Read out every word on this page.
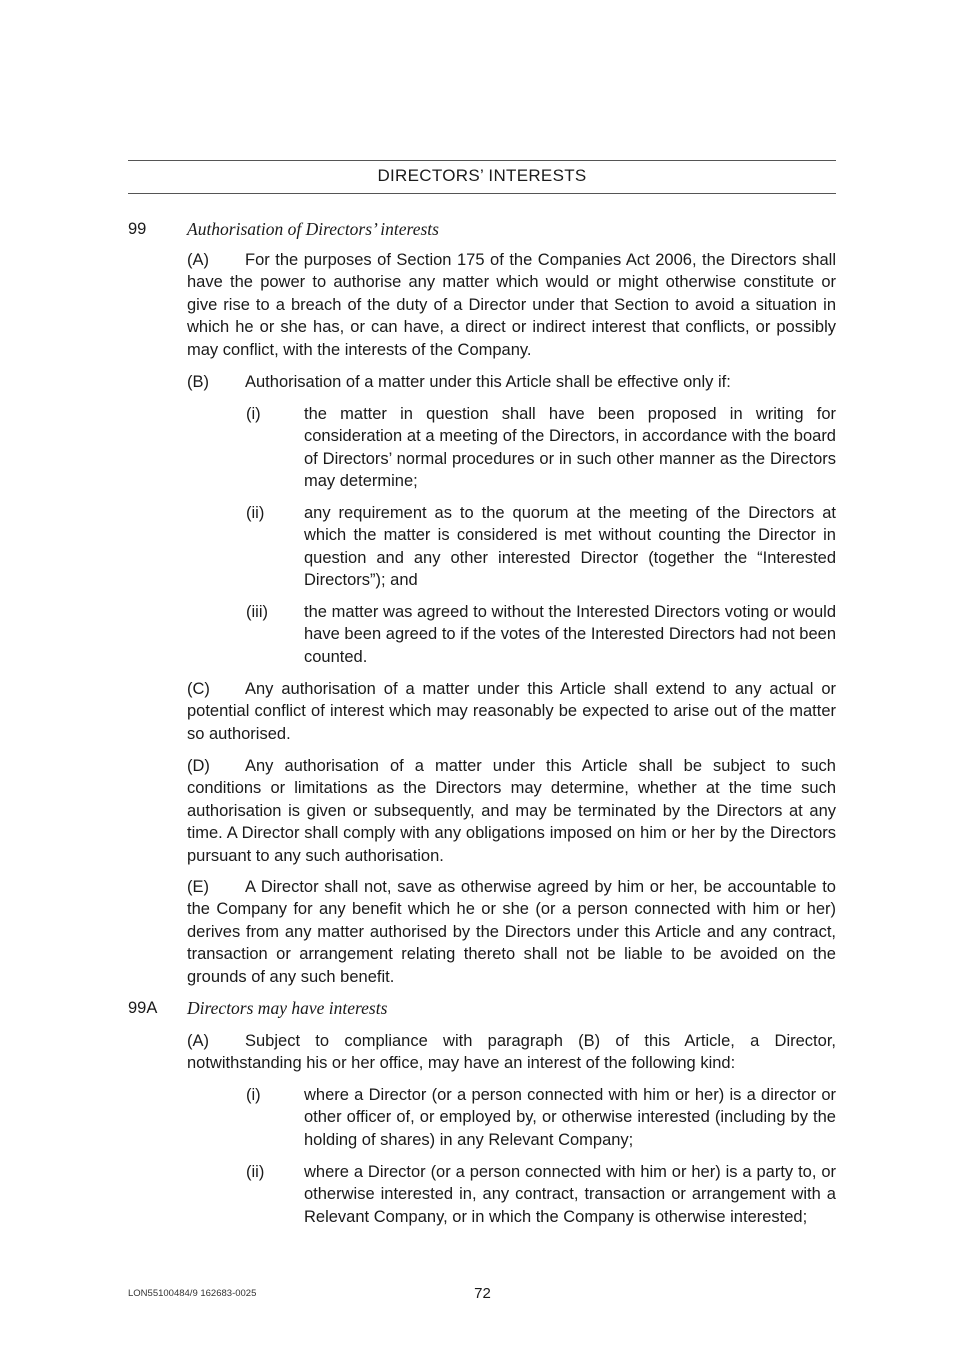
DIRECTORS’ INTERESTS
99 Authorisation of Directors’ interests

(A) For the purposes of Section 175 of the Companies Act 2006, the Directors shall have the power to authorise any matter which would or might otherwise constitute or give rise to a breach of the duty of a Director under that Section to avoid a situation in which he or she has, or can have, a direct or indirect interest that conflicts, or possibly may conflict, with the interests of the Company.

(B) Authorisation of a matter under this Article shall be effective only if:

(i)	the matter in question shall have been proposed in writing for consideration at a meeting of the Directors, in accordance with the board of Directors’ normal procedures or in such other manner as the Directors may determine;

(ii) any requirement as to the quorum at the meeting of the Directors at which the matter is considered is met without counting the Director in question and any other interested Director (together the “Interested Directors”); and

(iii) the matter was agreed to without the Interested Directors voting or would have been agreed to if the votes of the Interested Directors had not been counted.

(C) Any authorisation of a matter under this Article shall extend to any actual or potential conflict of interest which may reasonably be expected to arise out of the matter so authorised.

(D) Any authorisation of a matter under this Article shall be subject to such conditions or limitations as the Directors may determine, whether at the time such authorisation is given or subsequently, and may be terminated by the Directors at any time. A Director shall comply with any obligations imposed on him or her by the Directors pursuant to any such authorisation.

(E) A Director shall not, save as otherwise agreed by him or her, be accountable to the Company for any benefit which he or she (or a person connected with him or her) derives from any matter authorised by the Directors under this Article and any contract, transaction or arrangement relating thereto shall not be liable to be avoided on the grounds of any such benefit.

99A Directors may have interests

(A) Subject to compliance with paragraph (B) of this Article, a Director, notwithstanding his or her office, may have an interest of the following kind:

(i)	where a Director (or a person connected with him or her) is a director or other officer of, or employed by, or otherwise interested (including by the holding of shares) in any Relevant Company;

(ii) where a Director (or a person connected with him or her) is a party to, or otherwise interested in, any contract, transaction or arrangement with a Relevant Company, or in which the Company is otherwise interested;

LON55100484/9 162683-0025	72
